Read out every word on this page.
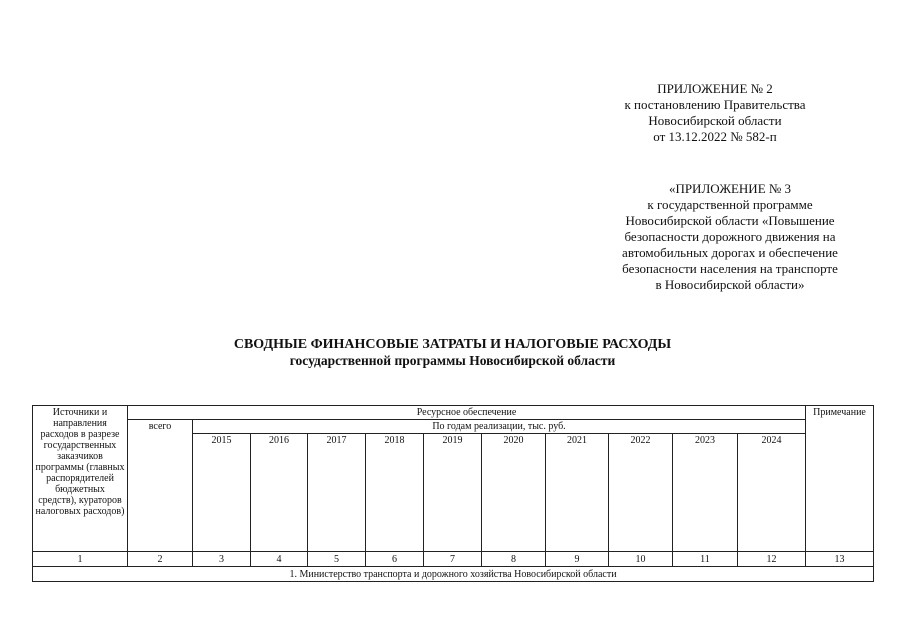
ПРИЛОЖЕНИЕ № 2
к постановлению Правительства
Новосибирской области
от 13.12.2022 № 582-п
«ПРИЛОЖЕНИЕ № 3
к государственной программе
Новосибирской области «Повышение
безопасности дорожного движения на
автомобильных дорогах и обеспечение
безопасности населения на транспорте
в Новосибирской области»
СВОДНЫЕ ФИНАНСОВЫЕ ЗАТРАТЫ И НАЛОГОВЫЕ РАСХОДЫ
государственной программы Новосибирской области
Источники и направления расходов в разрезе государственных заказчиков программы (главных распорядителей бюджетных средств), кураторов налоговых расходов)	Ресурсное обеспечение											Примечание
	всего	По годам реализации, тыс. руб.										
		2015	2016	2017	2018	2019	2020	2021	2022	2023	2024	
1	2	3	4	5	6	7	8	9	10	11	12	13
1. Министерство транспорта и дорожного хозяйства Новосибирской области												
